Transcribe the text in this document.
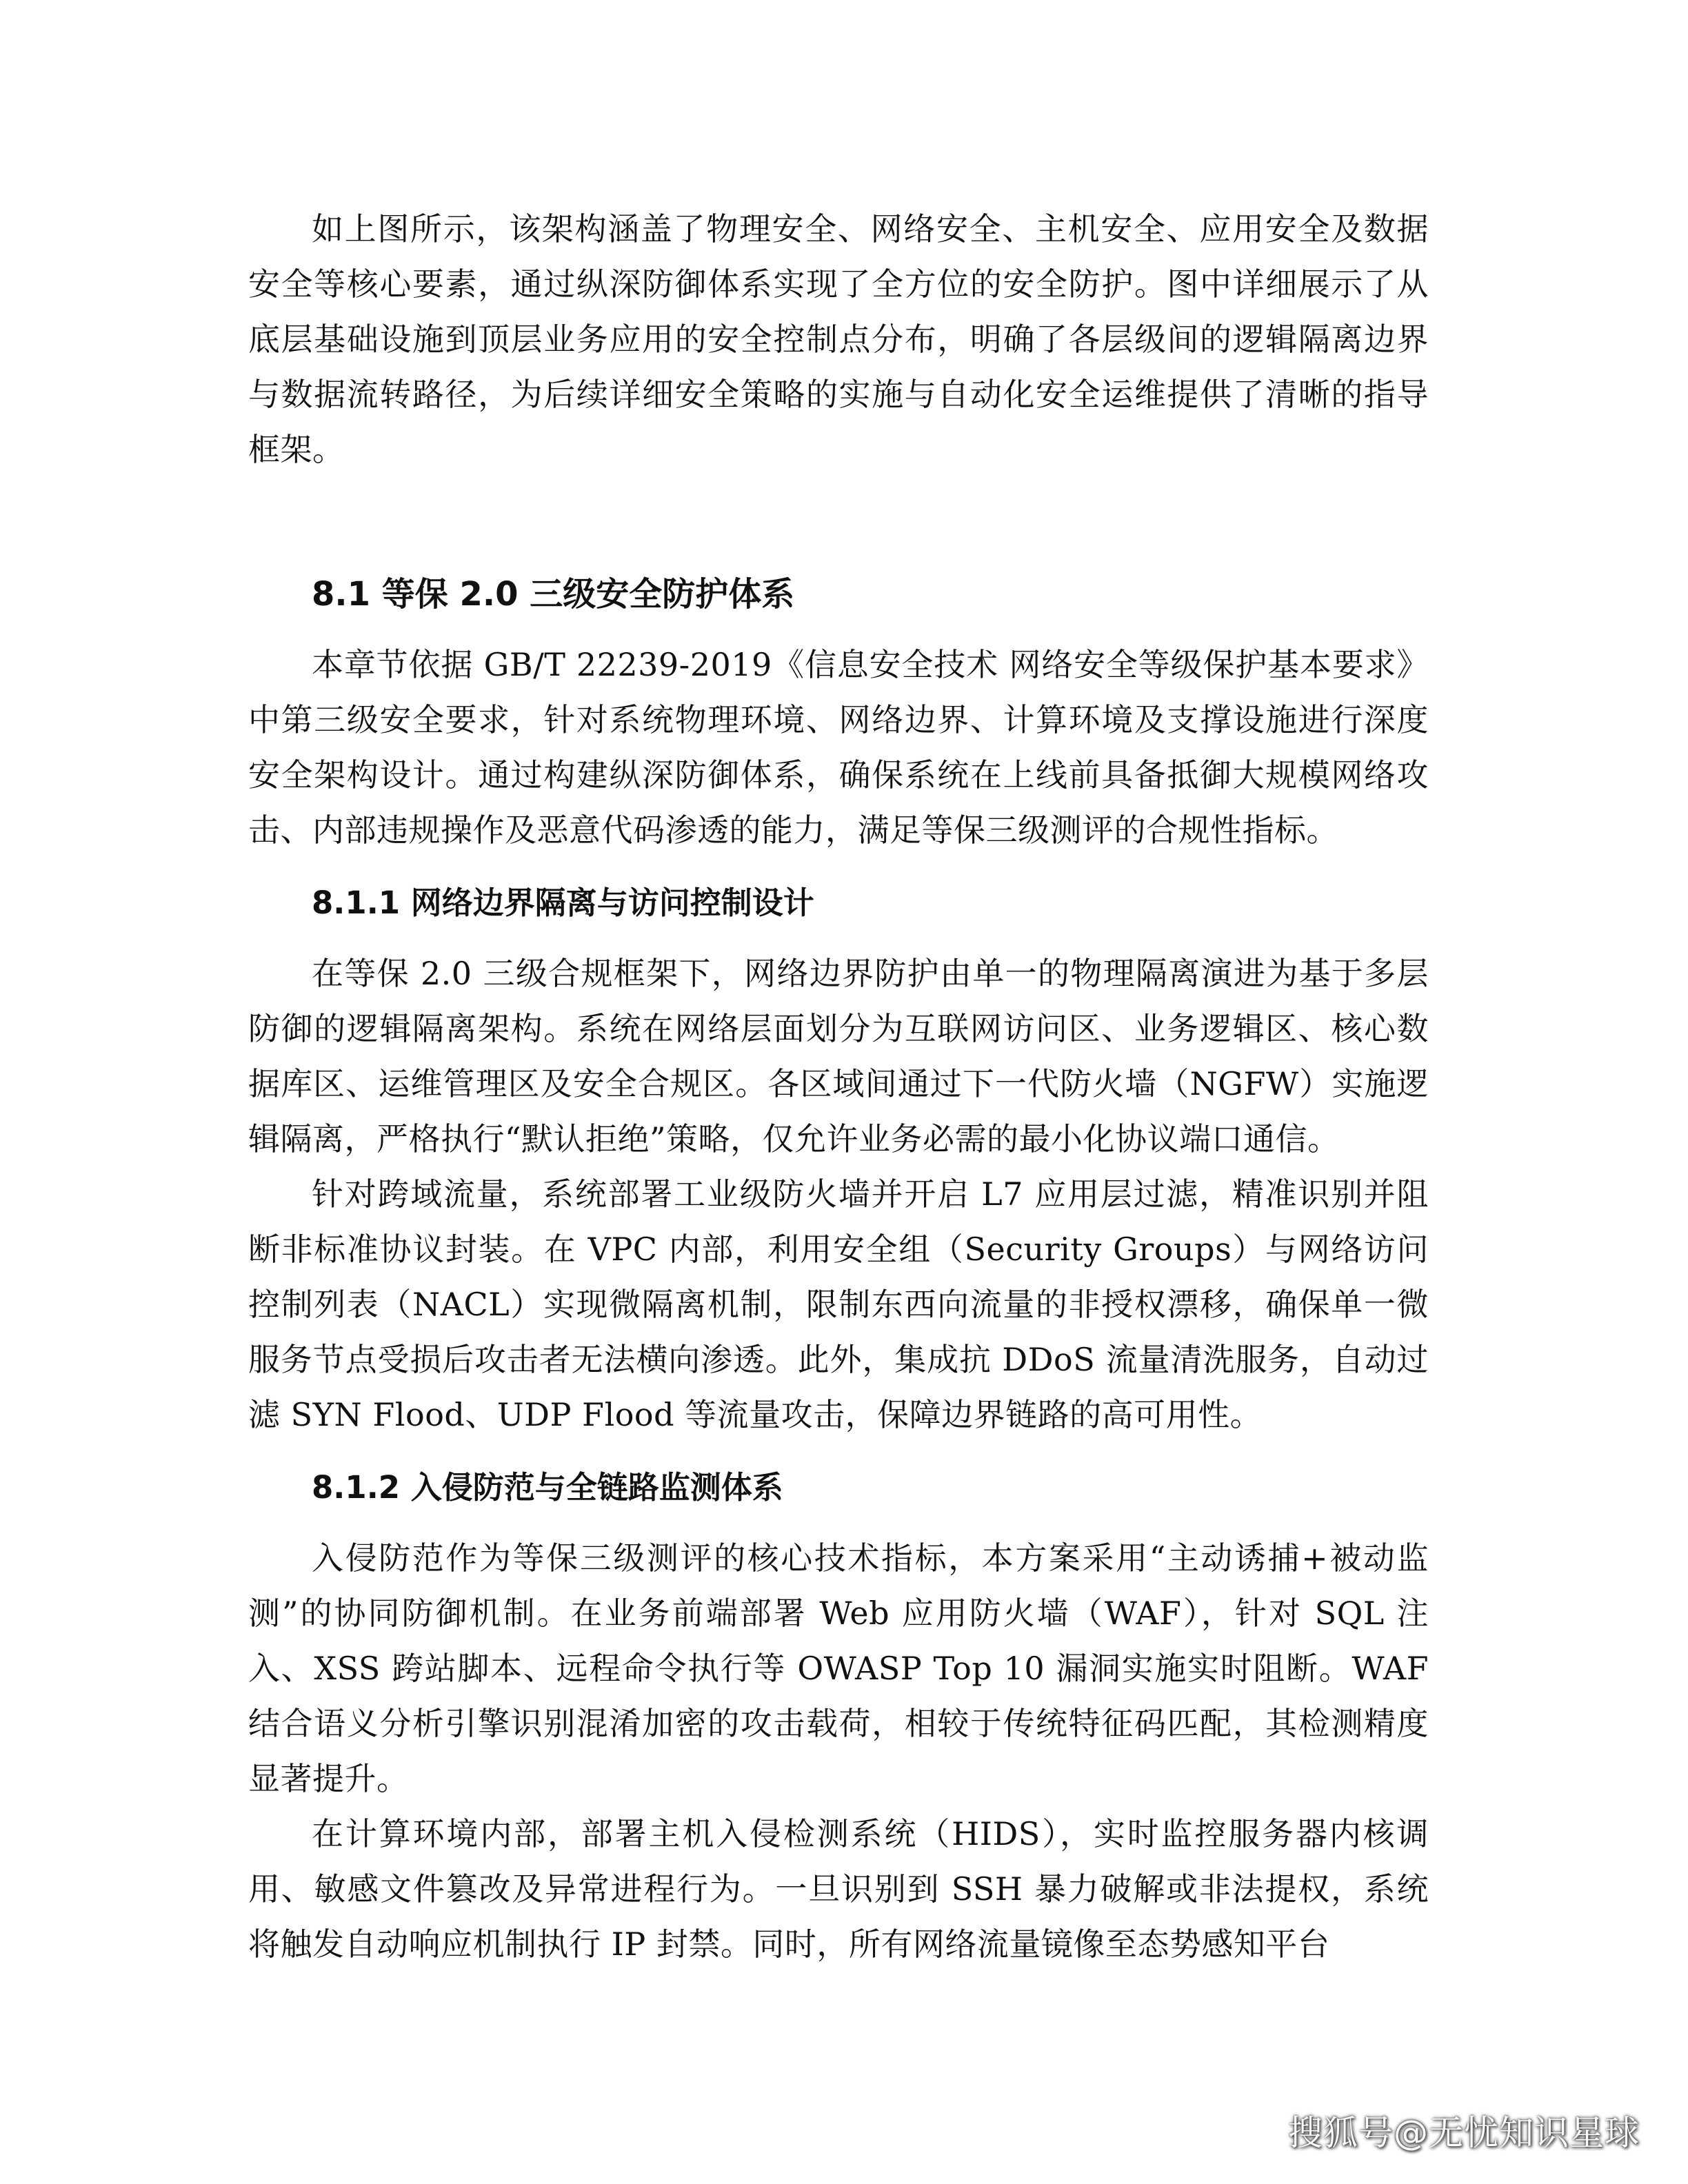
如上图所示，该架构涵盖了物理安全、网络安全、主机安全、应用安全及数据安全等核心要素，通过纵深防御体系实现了全方位的安全防护。图中详细展示了从底层基础设施到顶层业务应用的安全控制点分布，明确了各层级间的逻辑隔离边界与数据流转路径，为后续详细安全策略的实施与自动化安全运维提供了清晰的指导框架。

8.1 等保 2.0 三级安全防护体系

本章节依据 GB/T 22239-2019《信息安全技术 网络安全等级保护基本要求》中第三级安全要求，针对系统物理环境、网络边界、计算环境及支撑设施进行深度安全架构设计。通过构建纵深防御体系，确保系统在上线前具备抵御大规模网络攻击、内部违规操作及恶意代码渗透的能力，满足等保三级测评的合规性指标。

8.1.1 网络边界隔离与访问控制设计

在等保 2.0 三级合规框架下，网络边界防护由单一的物理隔离演进为基于多层防御的逻辑隔离架构。系统在网络层面划分为互联网访问区、业务逻辑区、核心数据库区、运维管理区及安全合规区。各区域间通过下一代防火墙（NGFW）实施逻辑隔离，严格执行“默认拒绝”策略，仅允许业务必需的最小化协议端口通信。

针对跨域流量，系统部署工业级防火墙并开启 L7 应用层过滤，精准识别并阻断非标准协议封装。在 VPC 内部，利用安全组（Security Groups）与网络访问控制列表（NACL）实现微隔离机制，限制东西向流量的非授权漂移，确保单一微服务节点受损后攻击者无法横向渗透。此外，集成抗 DDoS 流量清洗服务，自动过滤 SYN Flood、UDP Flood 等流量攻击，保障边界链路的高可用性。

8.1.2 入侵防范与全链路监测体系

入侵防范作为等保三级测评的核心技术指标，本方案采用“主动诱捕+被动监测”的协同防御机制。在业务前端部署 Web 应用防火墙（WAF），针对 SQL 注入、XSS 跨站脚本、远程命令执行等 OWASP Top 10 漏洞实施实时阻断。WAF 结合语义分析引擎识别混淆加密的攻击载荷，相较于传统特征码匹配，其检测精度显著提升。

在计算环境内部，部署主机入侵检测系统（HIDS），实时监控服务器内核调用、敏感文件篡改及异常进程行为。一旦识别到 SSH 暴力破解或非法提权，系统将触发自动响应机制执行 IP 封禁。同时，所有网络流量镜像至态势感知平台

搜狐号@无忧知识星球
